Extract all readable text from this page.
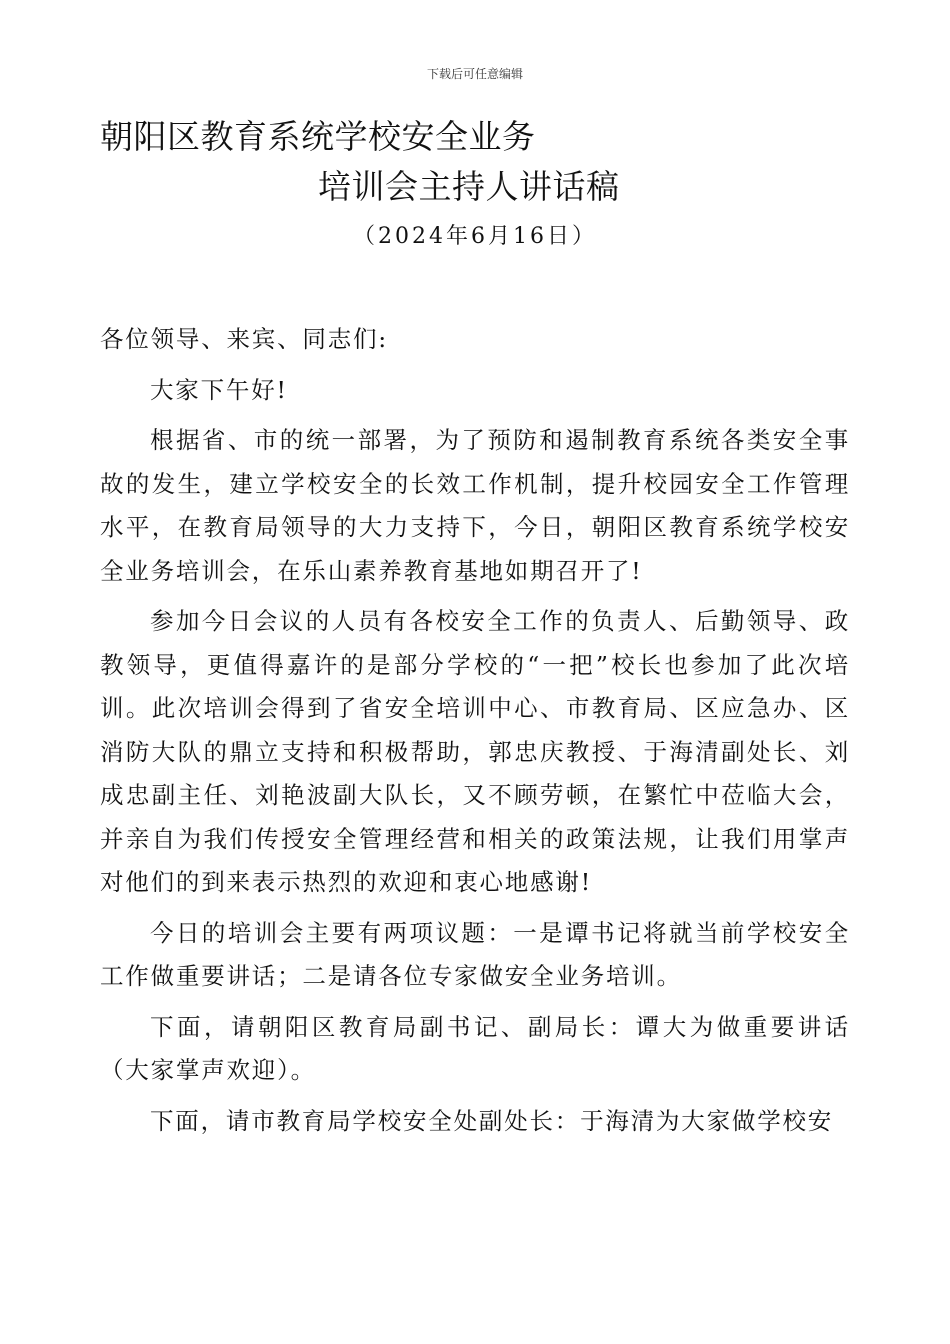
下载后可任意编辑
朝阳区教育系统学校安全业务
培训会主持人讲话稿
（2024年6月16日）

各位领导、来宾、同志们:

大家下午好!

根据省、市的统一部署，为了预防和遏制教育系统各类安全事故的发生，建立学校安全的长效工作机制，提升校园安全工作管理水平，在教育局领导的大力支持下，今日，朝阳区教育系统学校安全业务培训会，在乐山素养教育基地如期召开了!

参加今日会议的人员有各校安全工作的负责人、后勤领导、政教领导，更值得嘉许的是部分学校的“一把”校长也参加了此次培训。此次培训会得到了省安全培训中心、市教育局、区应急办、区消防大队的鼎立支持和积极帮助，郭忠庆教授、于海清副处长、刘成忠副主任、刘艳波副大队长，又不顾劳顿，在繁忙中莅临大会，并亲自为我们传授安全管理经营和相关的政策法规，让我们用掌声对他们的到来表示热烈的欢迎和衷心地感谢!

今日的培训会主要有两项议题：一是谭书记将就当前学校安全工作做重要讲话；二是请各位专家做安全业务培训。

下面，请朝阳区教育局副书记、副局长：谭大为做重要讲话（大家掌声欢迎）。

下面，请市教育局学校安全处副处长：于海清为大家做学校安
